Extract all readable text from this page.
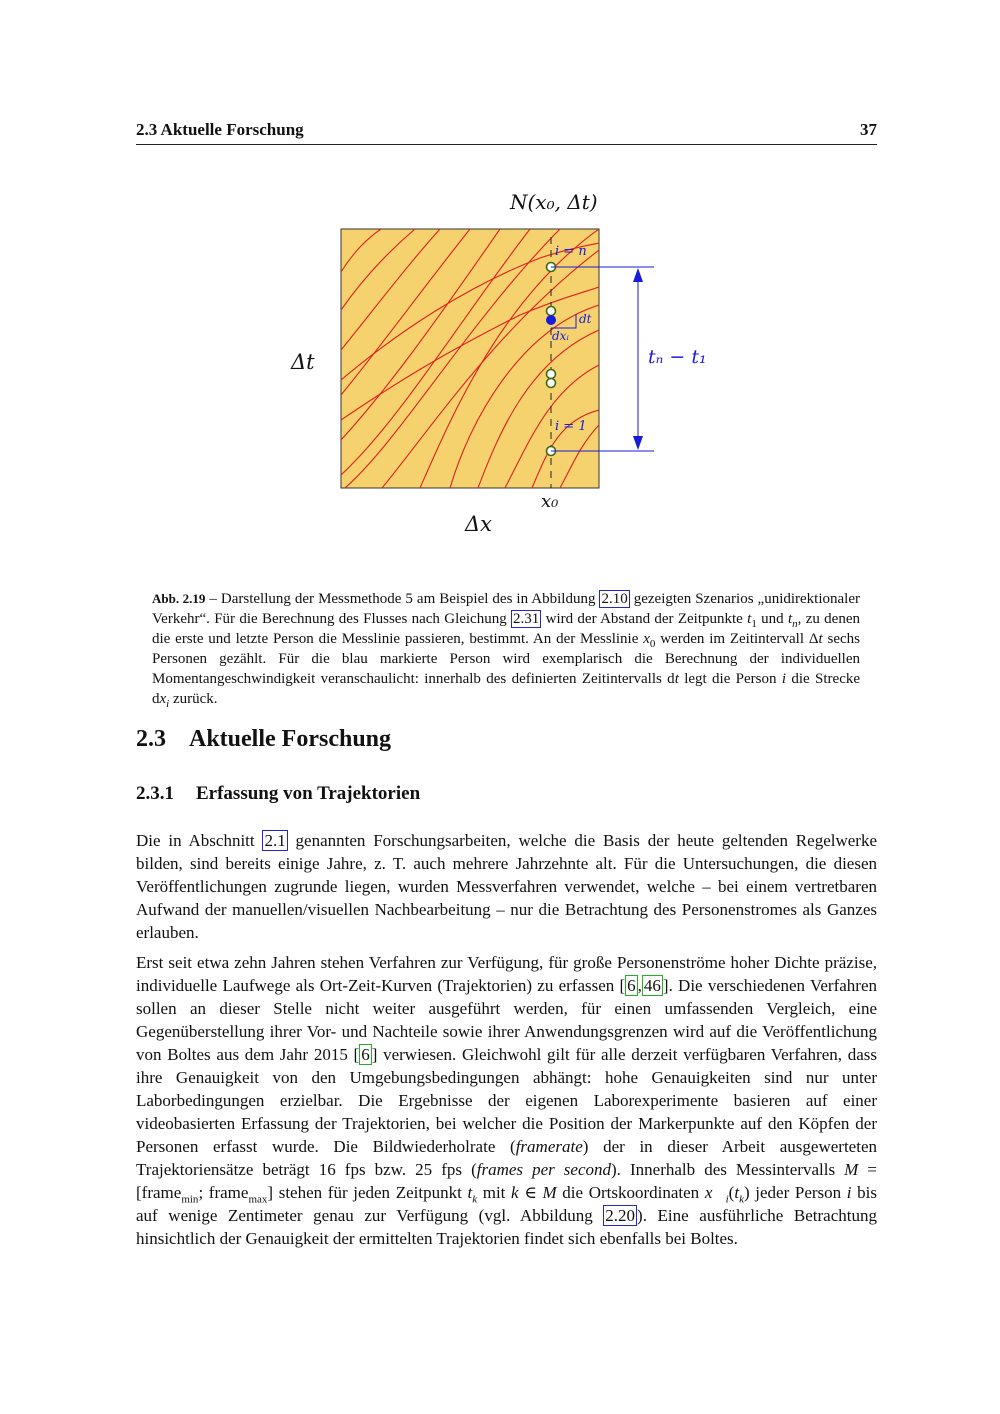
2.3 Aktuelle Forschung	37
i = n
i = 1
dt
dxᵢ
tₙ − t₁
N(x₀, Δt)
Δt
x₀
Δx

Abb. 2.19 – Darstellung der Messmethode 5 am Beispiel des in Abbildung 2.10 gezeigten Szenarios „unidirektionaler Verkehr“. Für die Berechnung des Flusses nach Gleichung 2.31 wird der Abstand der Zeitpunkte $t_1$ und $t_n$, zu denen die erste und letzte Person die Messlinie passieren, bestimmt. An der Messlinie $x_0$ werden im Zeitintervall Δt sechs Personen gezählt. Für die blau markierte Person wird exemplarisch die Berechnung der individuellen Momentangeschwindigkeit veranschaulicht: innerhalb des definierten Zeitintervalls dt legt die Person i die Strecke $dx_i$ zurück.

2.3 Aktuelle Forschung
2.3.1 Erfassung von Trajektorien

Die in Abschnitt 2.1 genannten Forschungsarbeiten, welche die Basis der heute geltenden Regelwerke bilden, sind bereits einige Jahre, z. T. auch mehrere Jahrzehnte alt. Für die Untersuchungen, die diesen Veröffentlichungen zugrunde liegen, wurden Messverfahren verwendet, welche – bei einem vertretbaren Aufwand der manuellen/visuellen Nachbearbeitung – nur die Betrachtung des Personenstromes als Ganzes erlauben.

Erst seit etwa zehn Jahren stehen Verfahren zur Verfügung, für große Personenströme hoher Dichte präzise, individuelle Laufwege als Ort-Zeit-Kurven (Trajektorien) zu erfassen [ 6 , 46 ]. Die verschiedenen Verfahren sollen an dieser Stelle nicht weiter ausgeführt werden, für einen umfassenden Vergleich, eine Gegenüberstellung ihrer Vor- und Nachteile sowie ihrer Anwendungsgrenzen wird auf die Veröffentlichung von Boltes aus dem Jahr 2015 [ 6 ] verwiesen. Gleichwohl gilt für alle derzeit verfügbaren Verfahren, dass ihre Genauigkeit von den Umgebungsbedingungen abhängt: hohe Genauigkeiten sind nur unter Laborbedingungen erzielbar. Die Ergebnisse der eigenen Laborexperimente basieren auf einer videobasierten Erfassung der Trajektorien, bei welcher die Position der Markerpunkte auf den Köpfen der Personen erfasst wurde. Die Bildwiederholrate (framerate) der in dieser Arbeit ausgewerteten Trajektoriensätze beträgt 16 fps bzw. 25 fps (frames per second). Innerhalb des Messintervalls M = [frame$_{min}$; frame$_{max}$] stehen für jeden Zeitpunkt $t_k$ mit k ∈ M die Ortskoordinaten $x⃗_i(t_k)$ jeder Person i bis auf wenige Zentimeter genau zur Verfügung (vgl. Abbildung 2.20 ). Eine ausführliche Betrachtung hinsichtlich der Genauigkeit der ermittelten Trajektorien findet sich ebenfalls bei Boltes.
